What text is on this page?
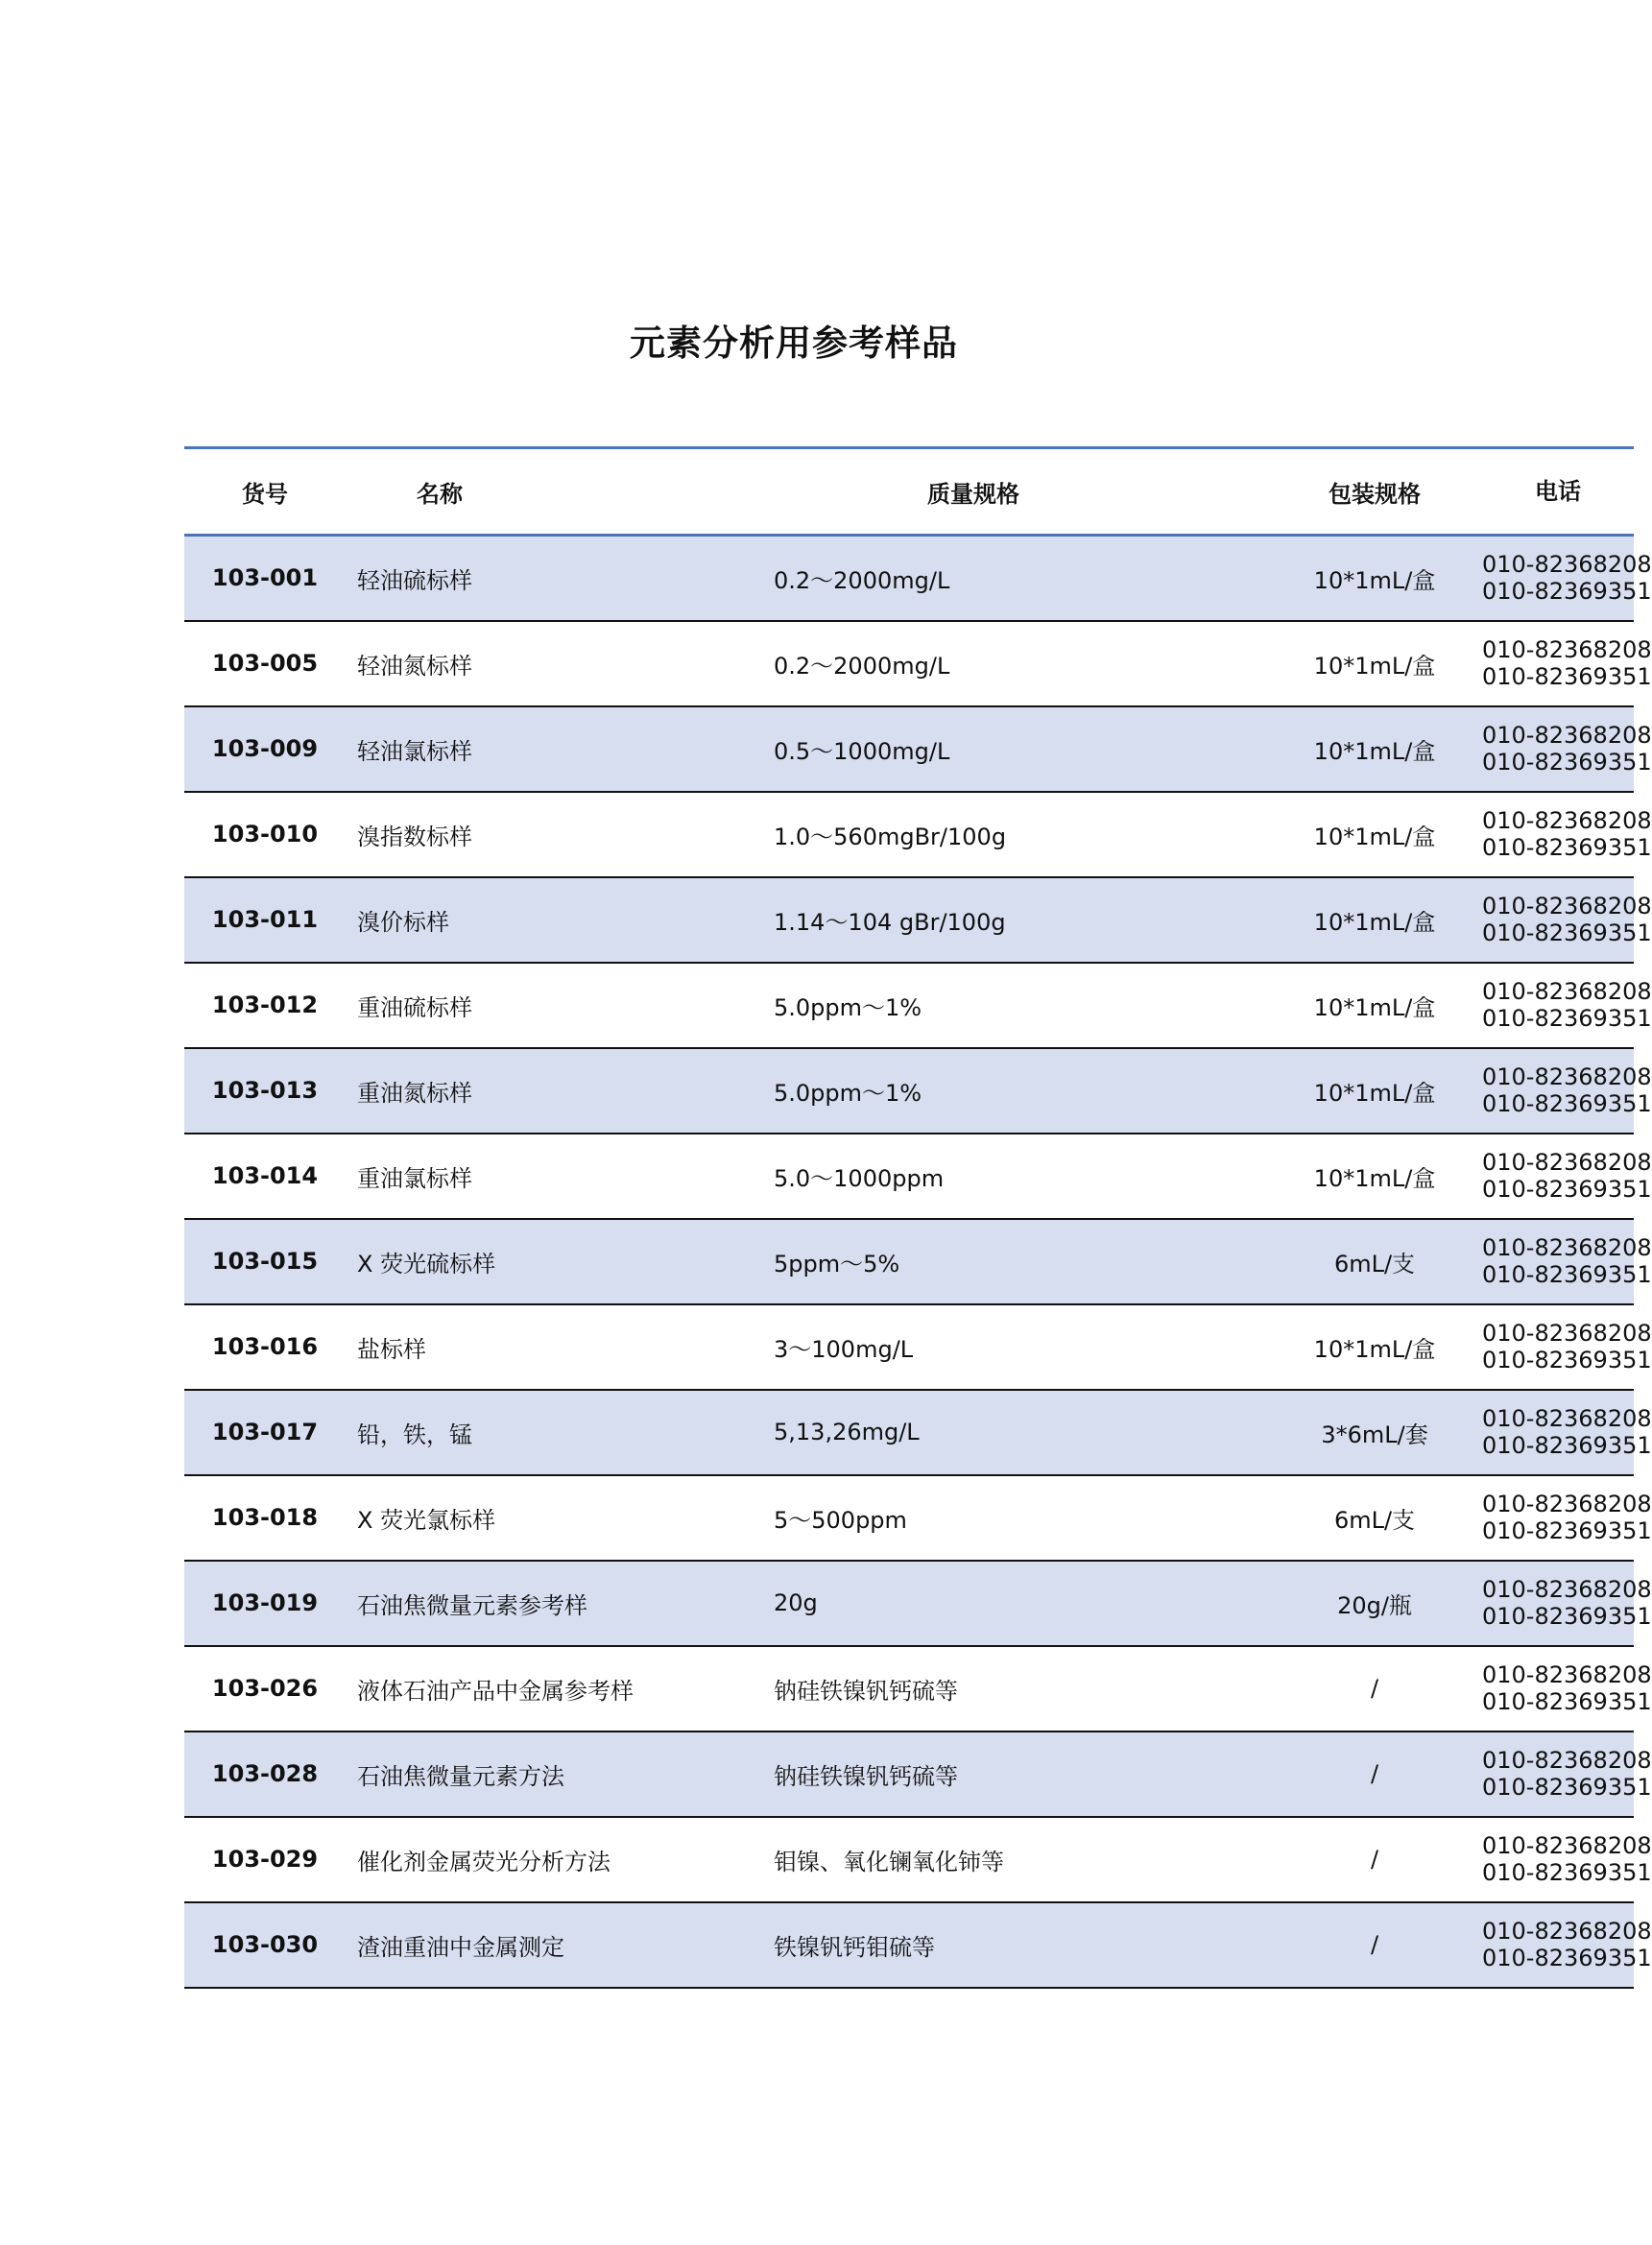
元素分析用参考样品
货号	名称	质量规格	包装规格	电话
103-001	轻油硫标样	0.2～2000mg/L	10*1mL/盒	010-82368208
010-82369351

103-005	轻油氮标样	0.2～2000mg/L	10*1mL/盒	010-82368208
010-82369351

103-009	轻油氯标样	0.5～1000mg/L	10*1mL/盒	010-82368208
010-82369351

103-010	溴指数标样	1.0～560mgBr/100g	10*1mL/盒	010-82368208
010-82369351

103-011	溴价标样	1.14～104 gBr/100g	10*1mL/盒	010-82368208
010-82369351

103-012	重油硫标样	5.0ppm～1%	10*1mL/盒	010-82368208
010-82369351

103-013	重油氮标样	5.0ppm～1%	10*1mL/盒	010-82368208
010-82369351

103-014	重油氯标样	5.0～1000ppm	10*1mL/盒	010-82368208
010-82369351

103-015	X 荧光硫标样	5ppm～5%	6mL/支	010-82368208
010-82369351

103-016	盐标样	3～100mg/L	10*1mL/盒	010-82368208
010-82369351

103-017	铅，铁，锰	5,13,26mg/L	3*6mL/套	010-82368208
010-82369351

103-018	X 荧光氯标样	5～500ppm	6mL/支	010-82368208
010-82369351

103-019	石油焦微量元素参考样	20g	20g/瓶	010-82368208
010-82369351

103-026	液体石油产品中金属参考样	钠硅铁镍钒钙硫等	/	010-82368208
010-82369351

103-028	石油焦微量元素方法	钠硅铁镍钒钙硫等	/	010-82368208
010-82369351

103-029	催化剂金属荧光分析方法	钼镍、氧化镧氧化铈等	/	010-82368208
010-82369351

103-030	渣油重油中金属测定	铁镍钒钙钼硫等	/	010-82368208
010-82369351
